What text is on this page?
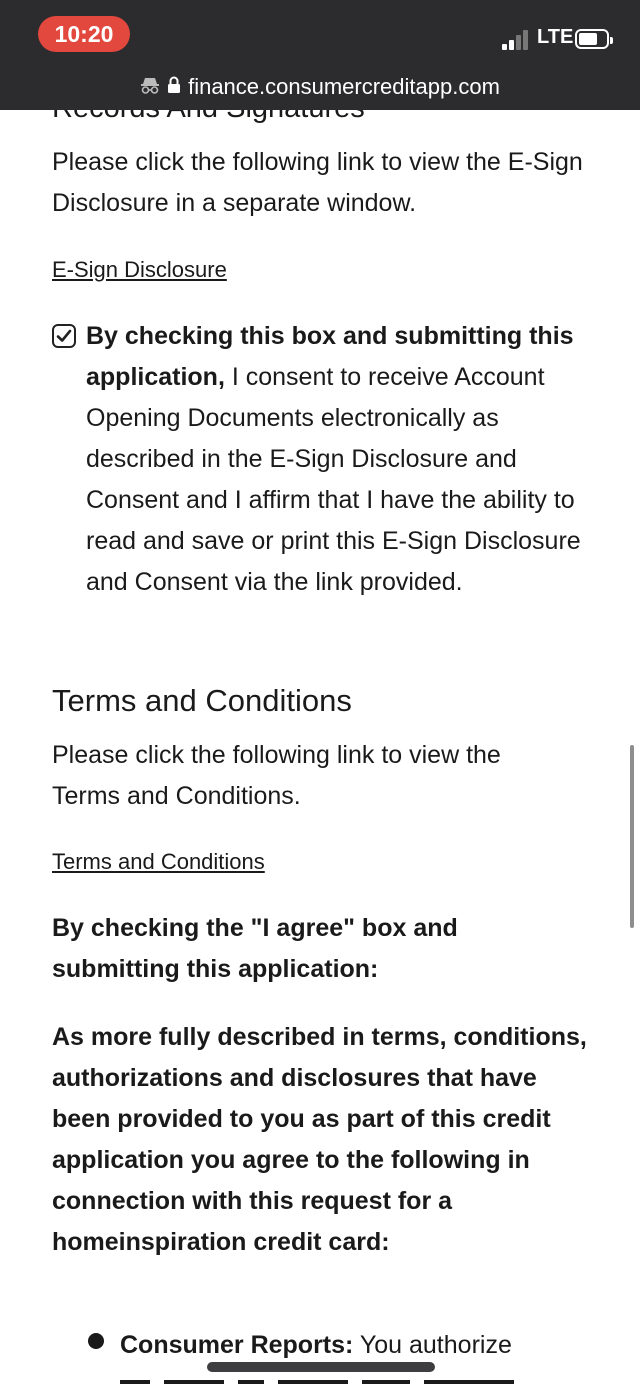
Please click the following link to view the E-Sign Disclosure in a separate window.
E-Sign Disclosure
By checking this box and submitting this application, I consent to receive Account Opening Documents electronically as described in the E-Sign Disclosure and Consent and I affirm that I have the ability to read and save or print this E-Sign Disclosure and Consent via the link provided.
Terms and Conditions
Please click the following link to view the Terms and Conditions.
Terms and Conditions
By checking the "I agree" box and submitting this application:
As more fully described in terms, conditions, authorizations and disclosures that have been provided to you as part of this credit application you agree to the following in connection with this request for a homeinspiration credit card:
Consumer Reports: You authorize
10:20	LTE
finance.consumercreditapp.com
